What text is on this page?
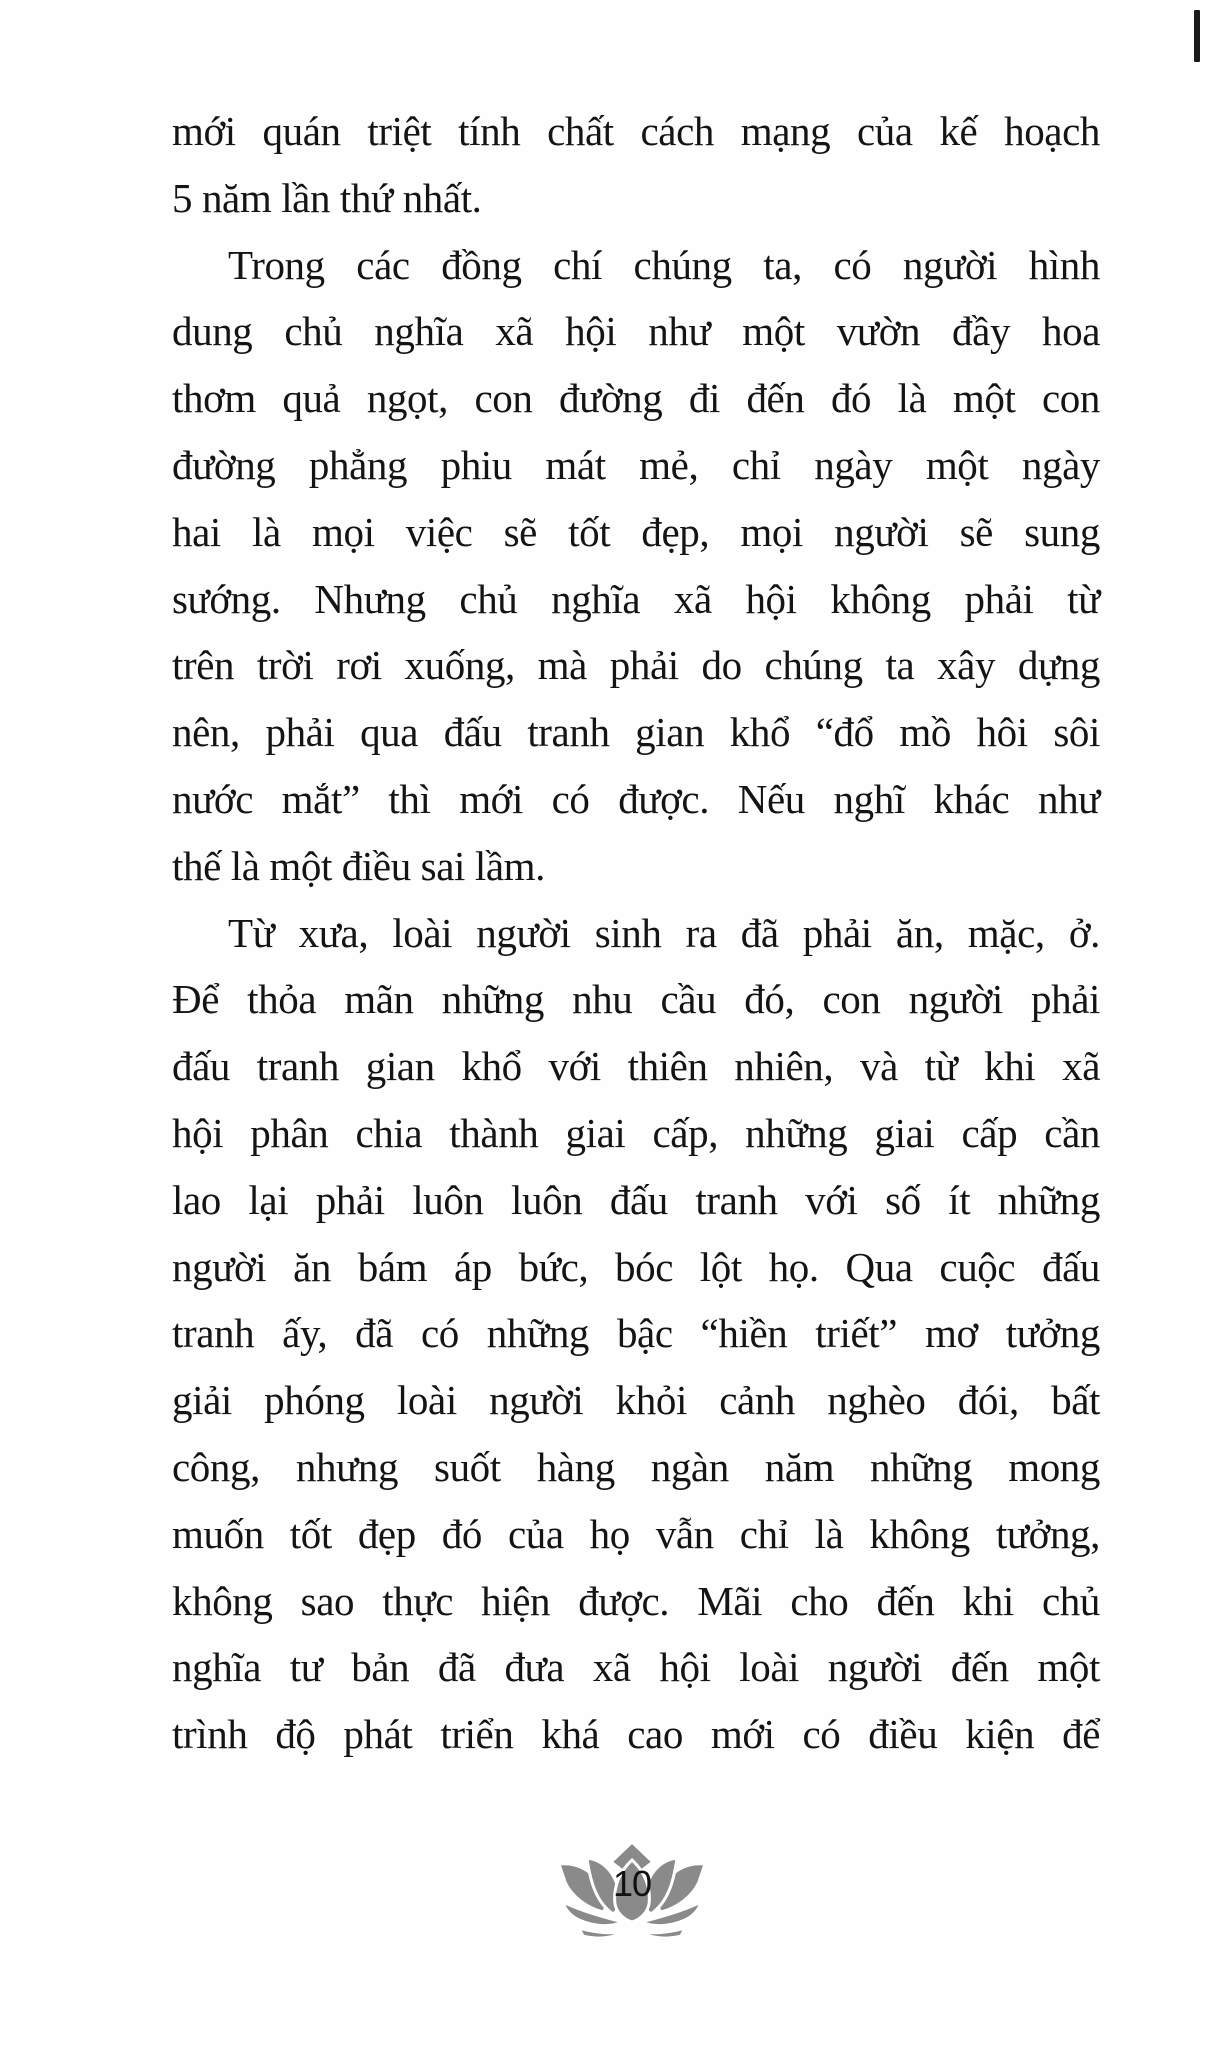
mới quán triệt tính chất cách mạng của kế hoạch
5 năm lần thứ nhất.

Trong các đồng chí chúng ta, có người hình
dung chủ nghĩa xã hội như một vườn đầy hoa
thơm quả ngọt, con đường đi đến đó là một con
đường phẳng phiu mát mẻ, chỉ ngày một ngày
hai là mọi việc sẽ tốt đẹp, mọi người sẽ sung
sướng. Nhưng chủ nghĩa xã hội không phải từ
trên trời rơi xuống, mà phải do chúng ta xây dựng
nên, phải qua đấu tranh gian khổ “đổ mồ hôi sôi
nước mắt” thì mới có được. Nếu nghĩ khác như
thế là một điều sai lầm.

Từ xưa, loài người sinh ra đã phải ăn, mặc, ở.
Để thỏa mãn những nhu cầu đó, con người phải
đấu tranh gian khổ với thiên nhiên, và từ khi xã
hội phân chia thành giai cấp, những giai cấp cần
lao lại phải luôn luôn đấu tranh với số ít những
người ăn bám áp bức, bóc lột họ. Qua cuộc đấu
tranh ấy, đã có những bậc “hiền triết” mơ tưởng
giải phóng loài người khỏi cảnh nghèo đói, bất
công, nhưng suốt hàng ngàn năm những mong
muốn tốt đẹp đó của họ vẫn chỉ là không tưởng,
không sao thực hiện được. Mãi cho đến khi chủ
nghĩa tư bản đã đưa xã hội loài người đến một
trình độ phát triển khá cao mới có điều kiện để

10
